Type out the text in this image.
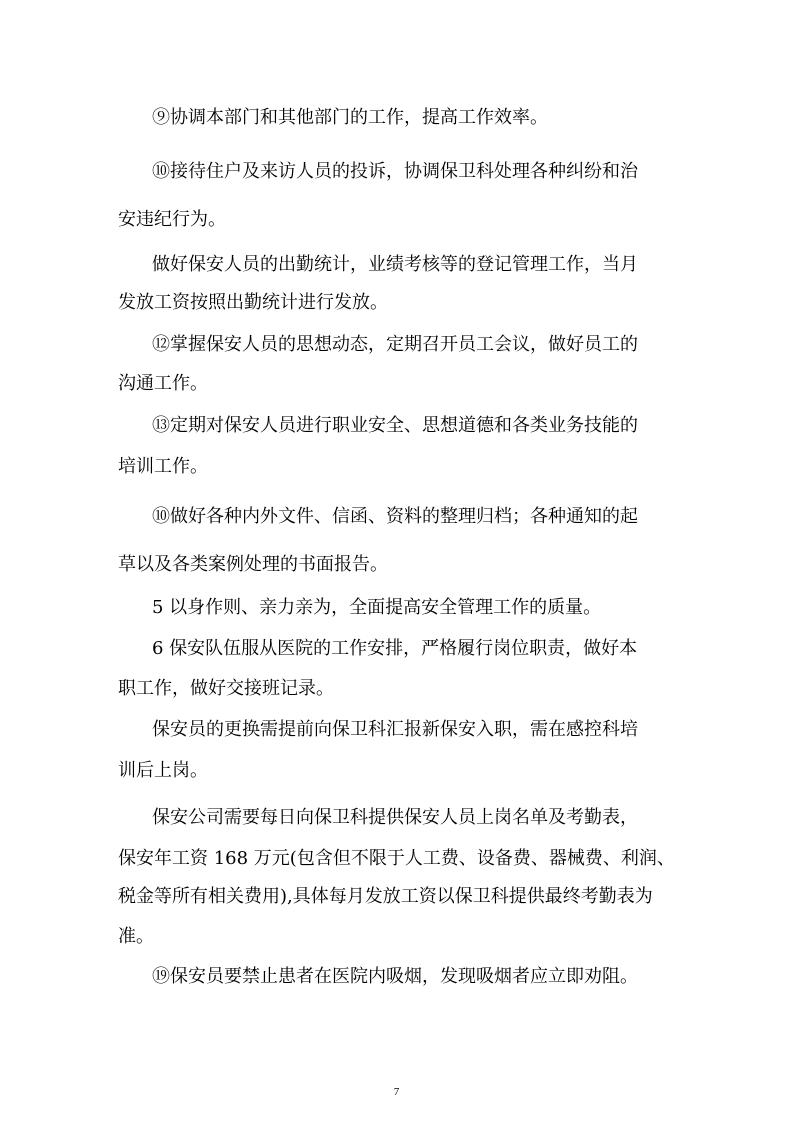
⑨协调本部门和其他部门的工作，提高工作效率。
⑩接待住户及来访人员的投诉，协调保卫科处理各种纠纷和治
安违纪行为。
做好保安人员的出勤统计，业绩考核等的登记管理工作，当月
发放工资按照出勤统计进行发放。
⑫掌握保安人员的思想动态，定期召开员工会议，做好员工的
沟通工作。
⑬定期对保安人员进行职业安全、思想道德和各类业务技能的
培训工作。
⑩做好各种内外文件、信函、资料的整理归档；各种通知的起
草以及各类案例处理的书面报告。
5 以身作则、亲力亲为，全面提高安全管理工作的质量。
6 保安队伍服从医院的工作安排，严格履行岗位职责，做好本
职工作，做好交接班记录。
保安员的更换需提前向保卫科汇报新保安入职，需在感控科培
训后上岗。
保安公司需要每日向保卫科提供保安人员上岗名单及考勤表，
保安年工资 168 万元(包含但不限于人工费、设备费、器械费、利润、
税金等所有相关费用),具体每月发放工资以保卫科提供最终考勤表为
准。
⑲保安员要禁止患者在医院内吸烟，发现吸烟者应立即劝阻。
7
